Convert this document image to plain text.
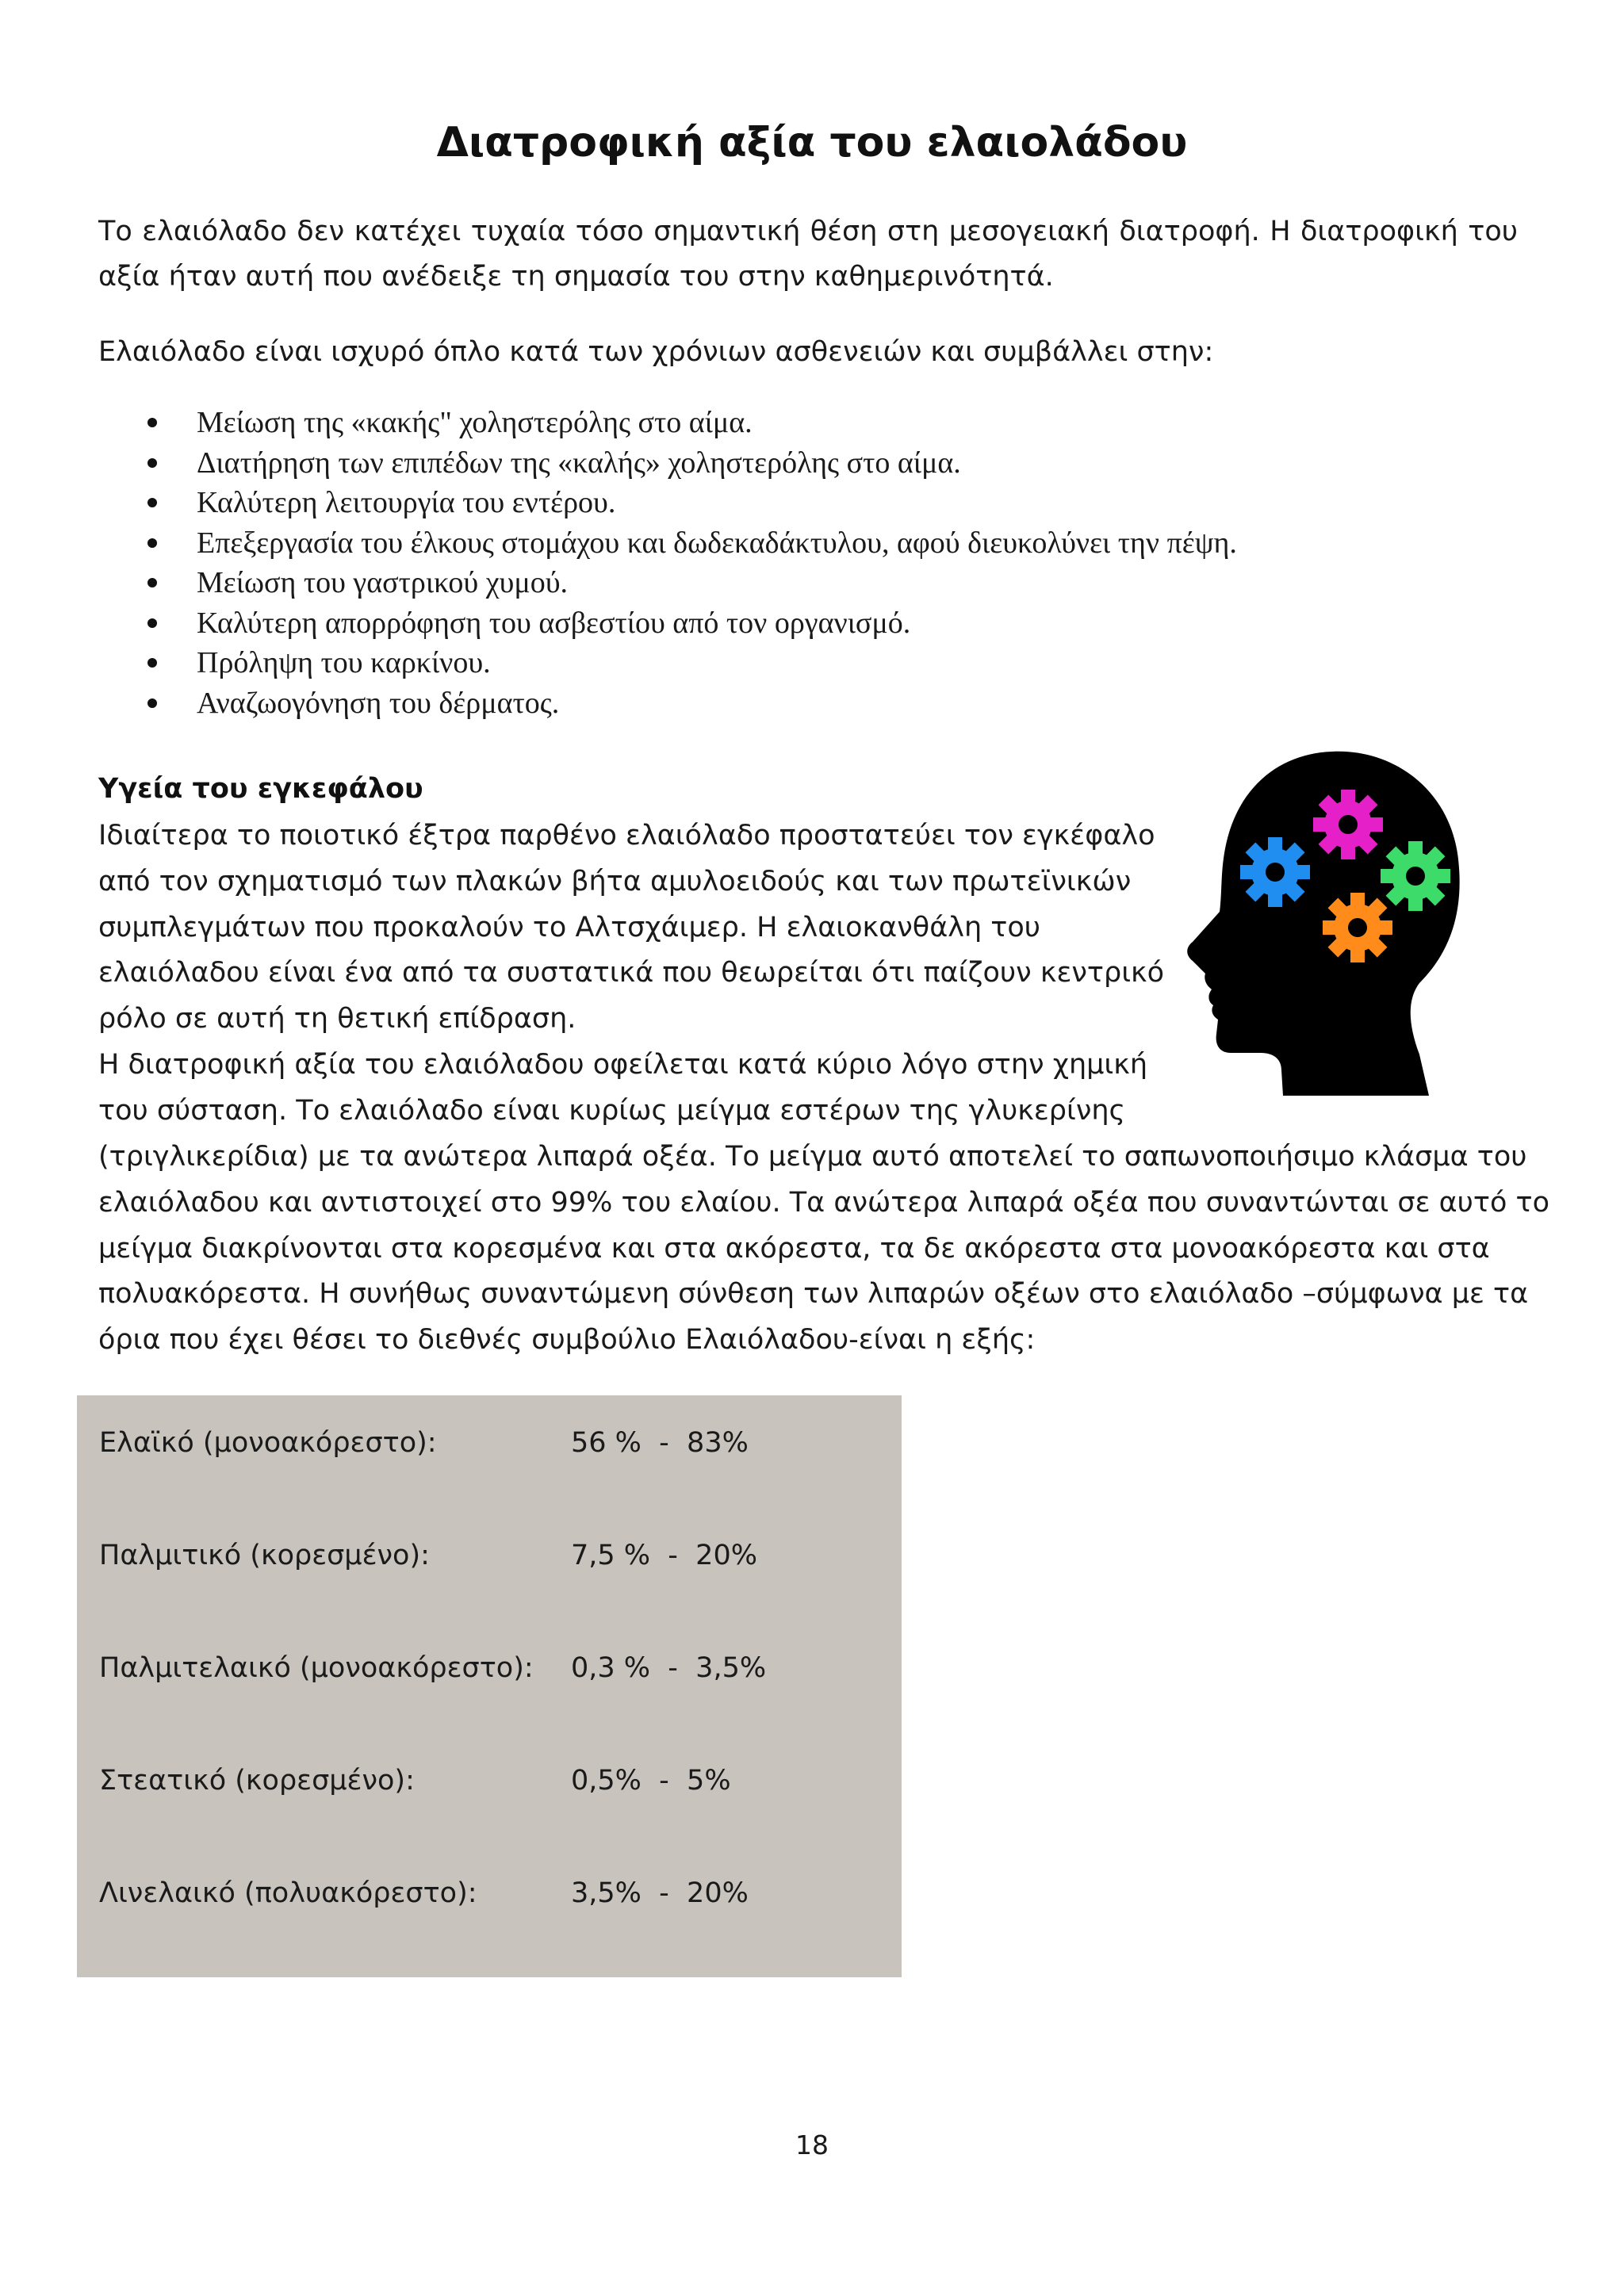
Διατροφική αξία του ελαιολάδου
Το ελαιόλαδο δεν κατέχει τυχαία τόσο σημαντική θέση στη μεσογειακή διατροφή. Η διατροφική του αξία ήταν αυτή που ανέδειξε τη σημασία του στην καθημερινότητά.
Ελαιόλαδο είναι ισχυρό όπλο κατά των χρόνιων ασθενειών και συμβάλλει στην:
Μείωση της «κακής" χοληστερόλης στο αίμα.
Διατήρηση των επιπέδων της «καλής» χοληστερόλης στο αίμα.
Καλύτερη λειτουργία του εντέρου.
Επεξεργασία του έλκους στομάχου και δωδεκαδάκτυλου, αφού διευκολύνει την πέψη.
Μείωση του γαστρικού χυμού.
Καλύτερη απορρόφηση του ασβεστίου από τον οργανισμό.
Πρόληψη του καρκίνου.
Αναζωογόνηση του δέρματος.
Υγεία του εγκεφάλου
Ιδιαίτερα το ποιοτικό έξτρα παρθένο ελαιόλαδο προστατεύει τον εγκέφαλο
από τον σχηματισμό των πλακών βήτα αμυλοειδούς και των πρωτεϊνικών
συμπλεγμάτων που προκαλούν το Αλτσχάιμερ. Η ελαιοκανθάλη του
ελαιόλαδου είναι ένα από τα συστατικά που θεωρείται ότι παίζουν κεντρικό
ρόλο σε αυτή τη θετική επίδραση.
Η διατροφική αξία του ελαιόλαδου οφείλεται κατά κύριο λόγο στην χημική
του σύσταση. Το ελαιόλαδο είναι κυρίως μείγμα εστέρων της γλυκερίνης
(τριγλικερίδια) με τα ανώτερα λιπαρά οξέα. Το μείγμα αυτό αποτελεί το σαπωνοποιήσιμο κλάσμα του
ελαιόλαδου και αντιστοιχεί στο 99% του ελαίου. Τα ανώτερα λιπαρά οξέα που συναντώνται σε αυτό το
μείγμα διακρίνονται στα κορεσμένα και στα ακόρεστα, τα δε ακόρεστα στα μονοακόρεστα και στα
πολυακόρεστα. Η συνήθως συναντώμενη σύνθεση των λιπαρών οξέων στο ελαιόλαδο –σύμφωνα με τα
όρια που έχει θέσει το διεθνές συμβούλιο Ελαιόλαδου-είναι η εξής:
Ελαϊκό (μονοακόρεστο):	56 %  -  83%
Παλμιτικό (κορεσμένο):	7,5 %  -  20%
Παλμιτελαικό (μονοακόρεστο): 0,3 %  -  3,5%
Στεατικό (κορεσμένο):	0,5%  -  5%
Λινελαικό (πολυακόρεστο):	3,5%  -  20%
18
